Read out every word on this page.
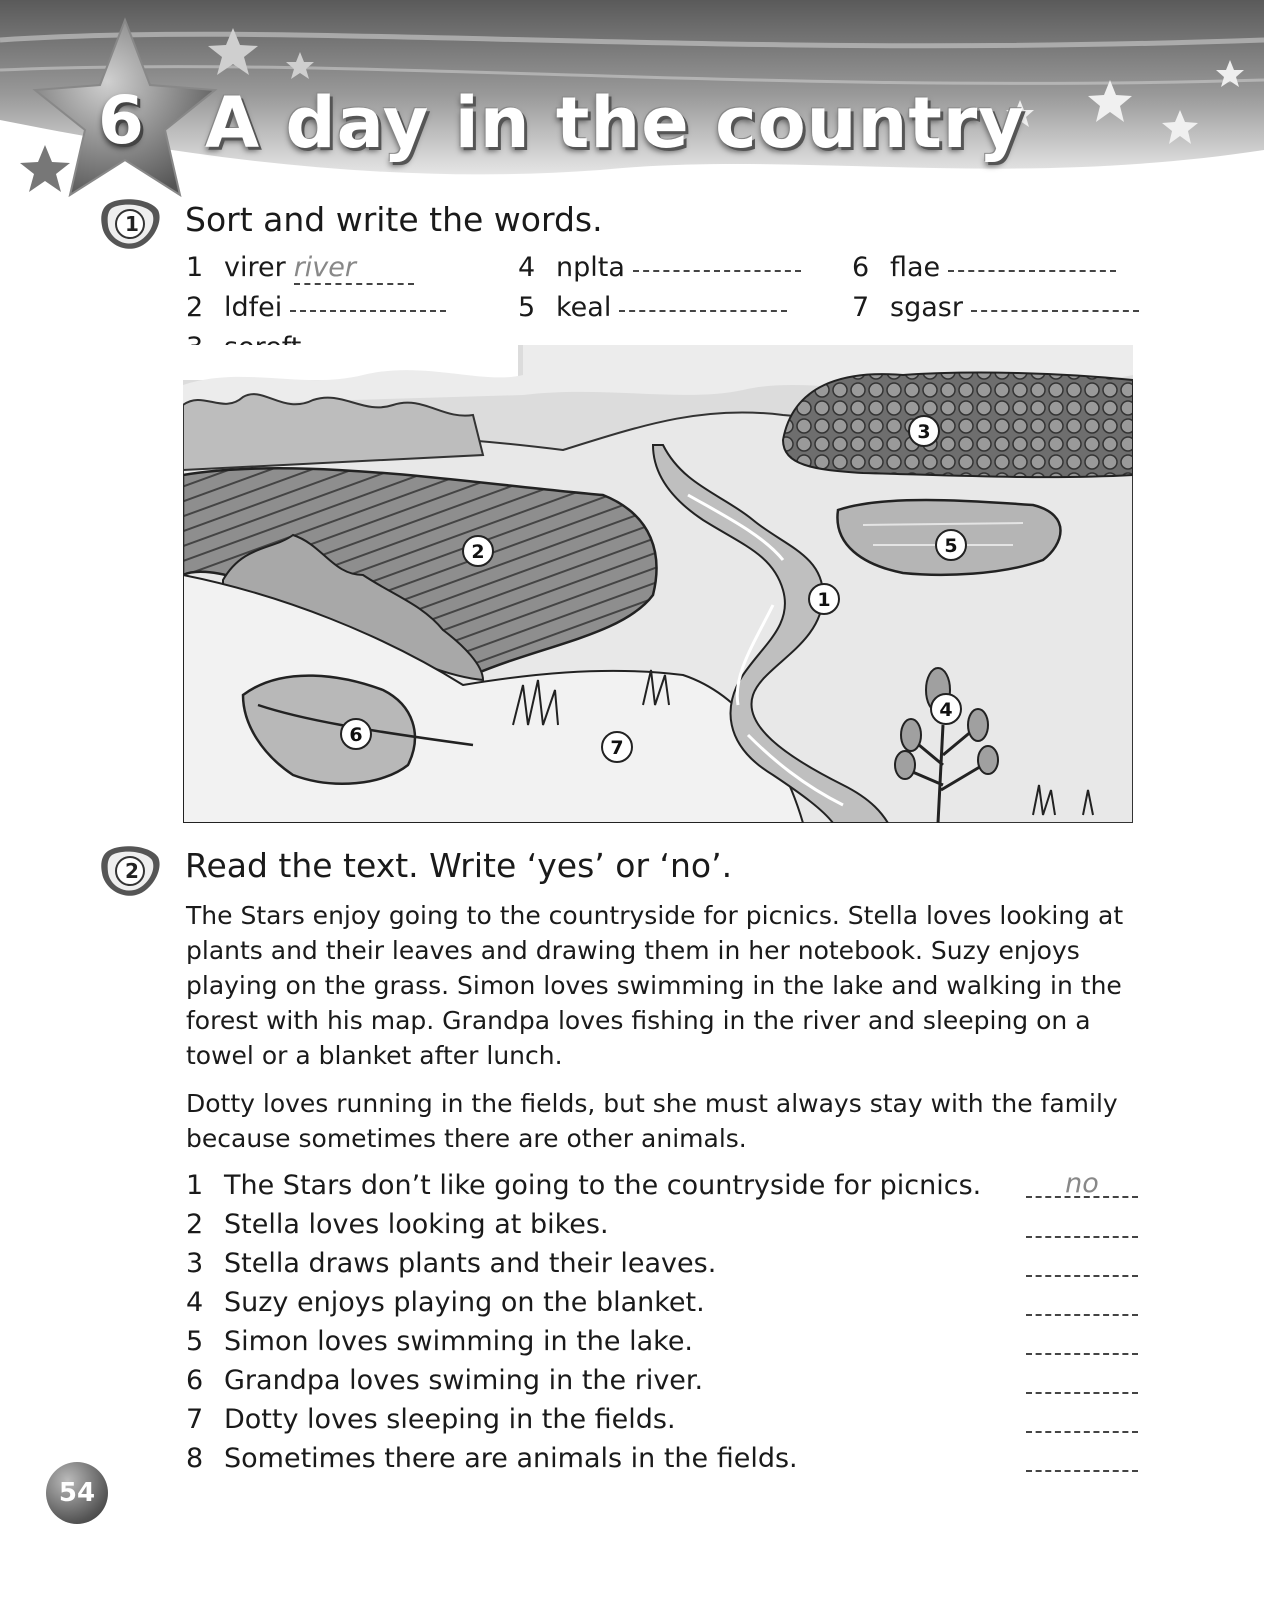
6 A day in the country
1	Sort and write the words.
1 virer river
2 ldfei
4 nplta
5 keal
6 flae
7 sgasr
1
2
3
4
5
6
7
2	Read the text. Write ‘yes’ or ‘no’.

The Stars enjoy going to the countryside for picnics. Stella loves looking at plants and their leaves and drawing them in her notebook. Suzy enjoys playing on the grass. Simon loves swimming in the lake and walking in the forest with his map. Grandpa loves fishing in the river and sleeping on a towel or a blanket after lunch.

Dotty loves running in the fields, but she must always stay with the family because sometimes there are other animals.

1 The Stars don’t like going to the countryside for picnics.	no
2 Stella loves looking at bikes.
3 Stella draws plants and their leaves.
4 Suzy enjoys playing on the blanket.
5 Simon loves swimming in the lake.
6 Grandpa loves swiming in the river.
7 Dotty loves sleeping in the fields.
8 Sometimes there are animals in the fields.
54
